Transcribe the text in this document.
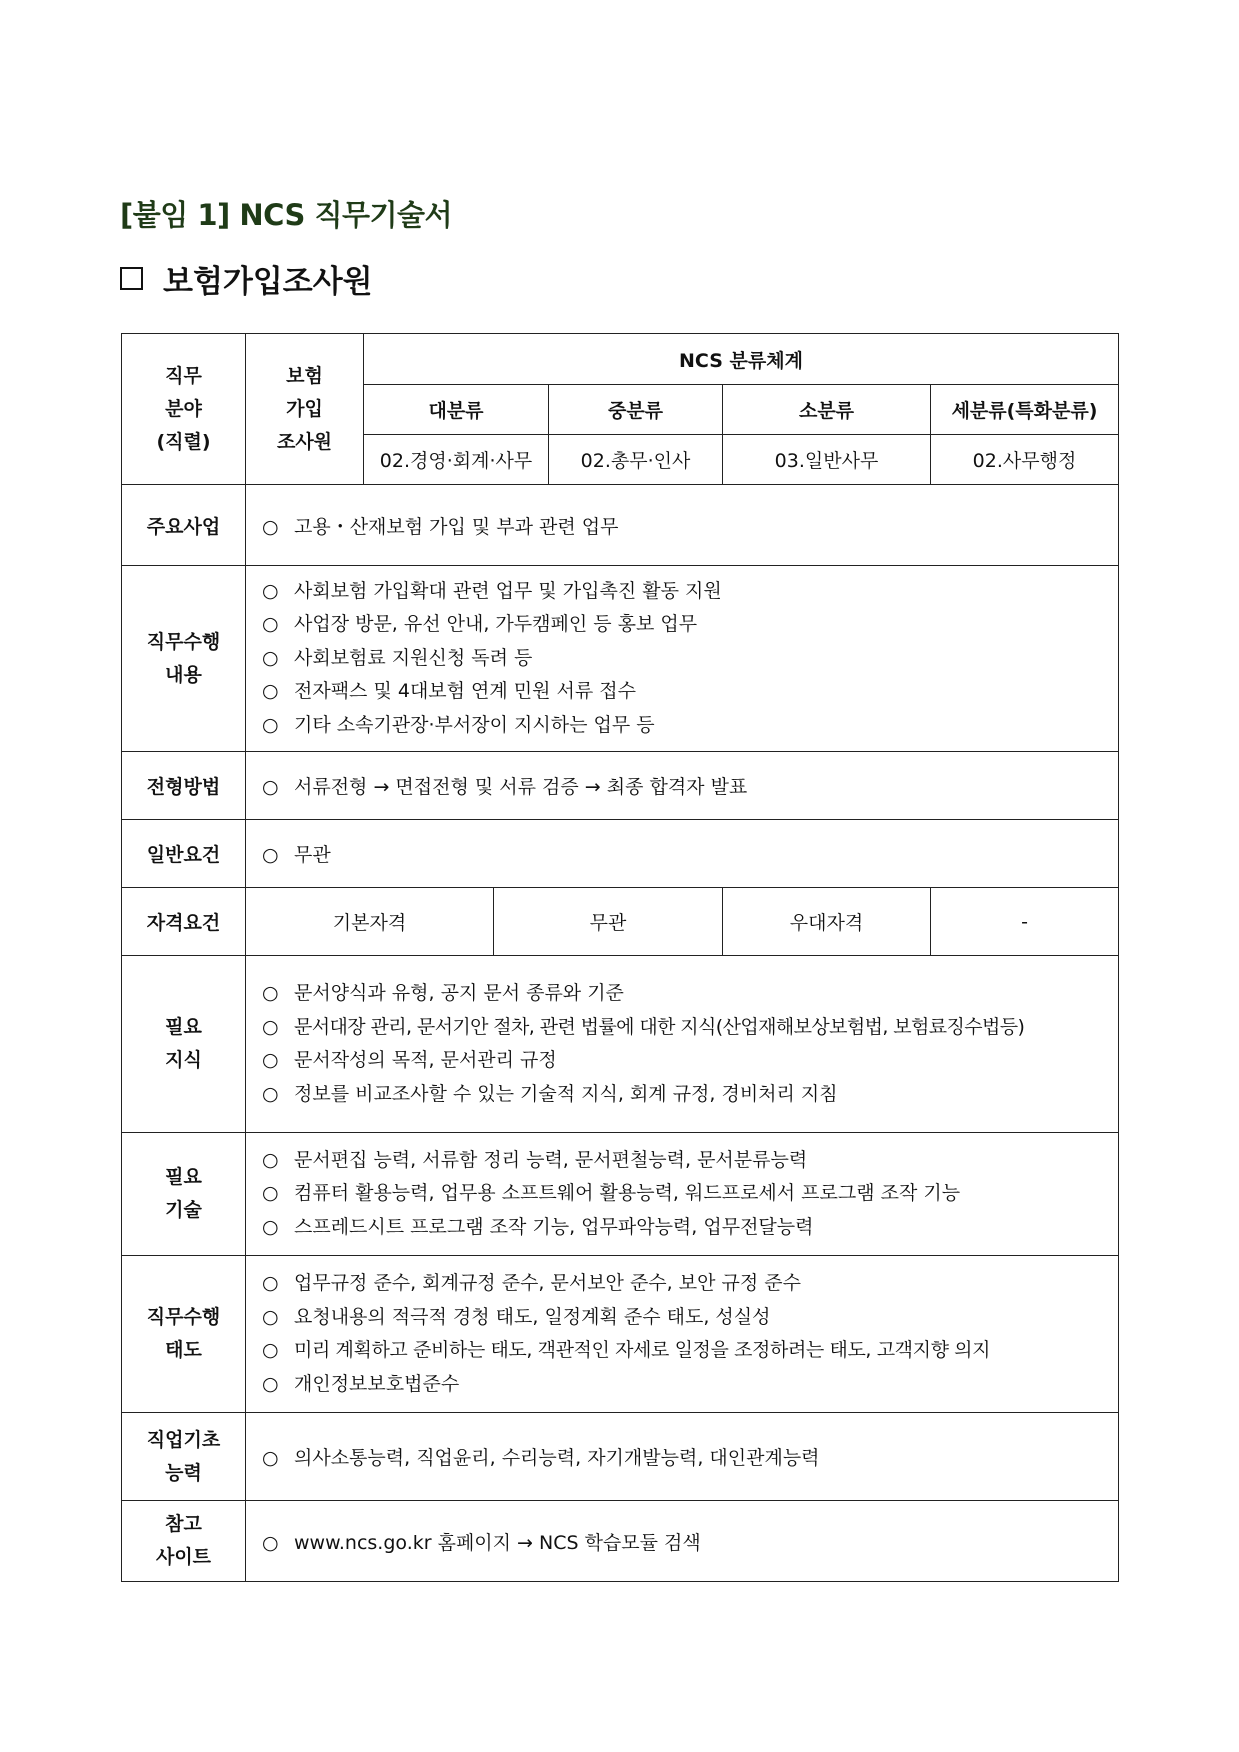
[붙임 1] NCS 직무기술서
보험가입조사원
직무
분야
(직렬)	보험
가입
조사원	NCS 분류체계				
		대분류		중분류	소분류	세분류(특화분류)
		02.경영·회계·사무		02.총무·인사	03.일반사무	02.사무행정
주요사업	○ 고용・산재보험 가입 및 부과 관련 업무					

직무수행
내용	○ 사회보험 가입확대 관련 업무 및 가입촉진 활동 지원
○ 사업장 방문, 유선 안내, 가두캠페인 등 홍보 업무
○ 사회보험료 지원신청 독려 등
○ 전자팩스 및 4대보험 연계 민원 서류 접수
○ 기타 소속기관장·부서장이 지시하는 업무 등					

전형방법	○ 서류전형 → 면접전형 및 서류 검증 → 최종 합격자 발표					

일반요건	○ 무관					

자격요건	기본자격		무관		우대자격	-

필요
지식	○ 문서양식과 유형, 공지 문서 종류와 기준
○ 문서대장 관리, 문서기안 절차, 관련 법률에 대한 지식(산업재해보상보험법, 보험료징수법등)
○ 문서작성의 목적, 문서관리 규정
○ 정보를 비교조사할 수 있는 기술적 지식, 회계 규정, 경비처리 지침					

필요
기술	○ 문서편집 능력, 서류함 정리 능력, 문서편철능력, 문서분류능력
○ 컴퓨터 활용능력, 업무용 소프트웨어 활용능력, 워드프로세서 프로그램 조작 기능
○ 스프레드시트 프로그램 조작 기능, 업무파악능력, 업무전달능력					

직무수행
태도	○ 업무규정 준수, 회계규정 준수, 문서보안 준수, 보안 규정 준수
○ 요청내용의 적극적 경청 태도, 일정계획 준수 태도, 성실성
○ 미리 계획하고 준비하는 태도, 객관적인 자세로 일정을 조정하려는 태도, 고객지향 의지
○ 개인정보보호법준수					

직업기초
능력	○ 의사소통능력, 직업윤리, 수리능력, 자기개발능력, 대인관계능력					

참고
사이트	○ www.ncs.go.kr 홈페이지 → NCS 학습모듈 검색					
